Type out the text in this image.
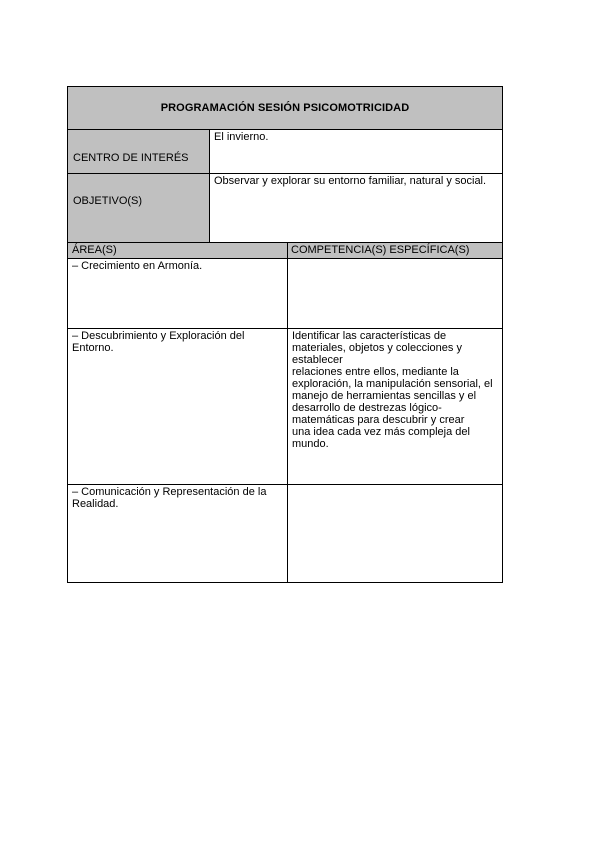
PROGRAMACIÓN SESIÓN PSICOMOTRICIDAD
CENTRO DE INTERÉS
El invierno.
OBJETIVO(S)
Observar y explorar su entorno familiar, natural y social.
ÁREA(S)	COMPETENCIA(S) ESPECÍFICA(S)
– Crecimiento en Armonía.
– Descubrimiento y Exploración del Entorno.
Identificar las características de materiales, objetos y colecciones y establecer
relaciones entre ellos, mediante la exploración, la manipulación sensorial, el manejo de herramientas sencillas y el desarrollo de destrezas lógico-matemáticas para descubrir y crear
una idea cada vez más compleja del mundo.
– Comunicación y Representación de la Realidad.
